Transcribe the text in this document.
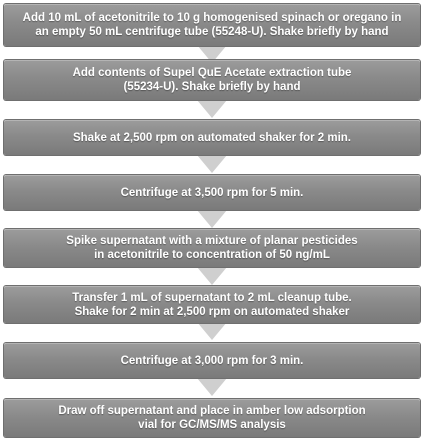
Add 10 mL of acetonitrile to 10 g homogenised spinach or oregano in
an empty 50 mL centrifuge tube (55248-U). Shake briefly by hand
Add contents of Supel QuE Acetate extraction tube
(55234-U). Shake briefly by hand
Shake at 2,500 rpm on automated shaker for 2 min.
Centrifuge at 3,500 rpm for 5 min.
Spike supernatant with a mixture of planar pesticides
in acetonitrile to concentration of 50 ng/mL
Transfer 1 mL of supernatant to 2 mL cleanup tube.
Shake for 2 min at 2,500 rpm on automated shaker
Centrifuge at 3,000 rpm for 3 min.
Draw off supernatant and place in amber low adsorption
vial for GC/MS/MS analysis
